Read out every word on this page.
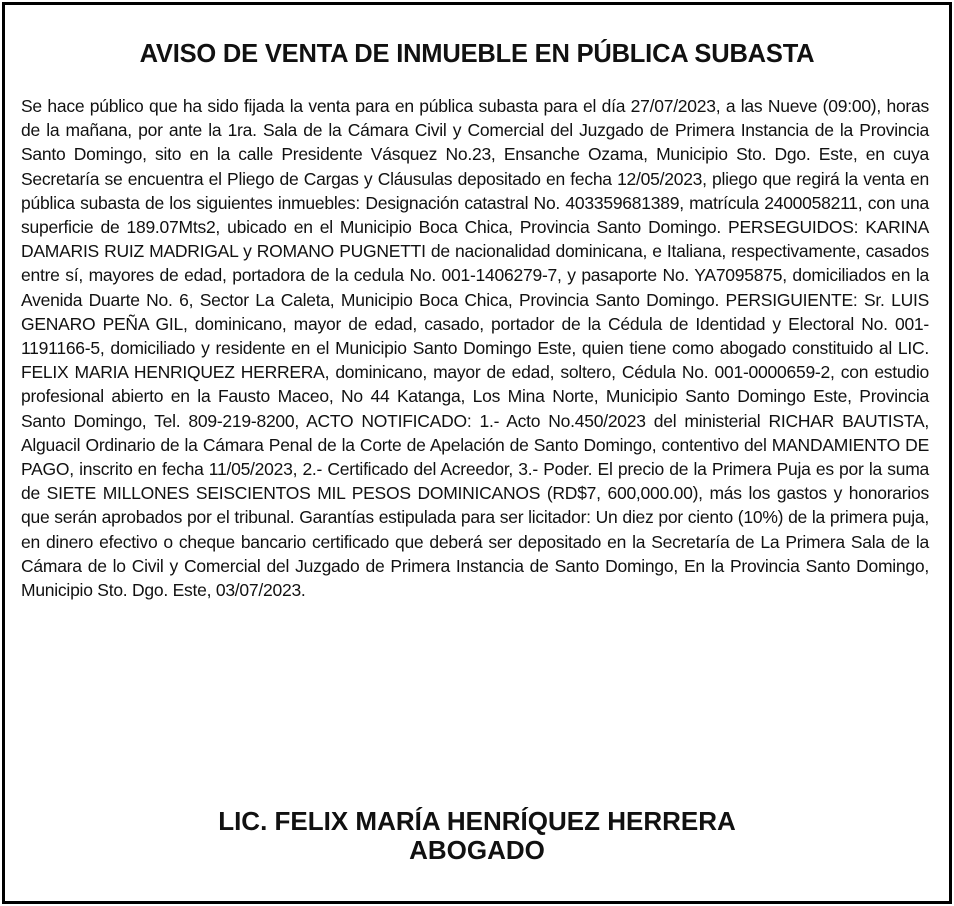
AVISO DE VENTA DE INMUEBLE EN PÚBLICA SUBASTA

Se hace público que ha sido fijada la venta para en pública subasta para el día 27/07/2023, a las Nueve (09:00), horas de la mañana, por ante la 1ra. Sala de la Cámara Civil y Comercial del Juzgado de Primera Instancia de la Provincia Santo Domingo, sito en la calle Presidente Vásquez No.23, Ensanche Ozama, Municipio Sto. Dgo. Este, en cuya Secretaría se encuentra el Pliego de Cargas y Cláusulas depositado en fecha 12/05/2023, pliego que regirá la venta en pública subasta de los siguientes inmuebles: Designación catastral No. 403359681389, matrícula 2400058211, con una superficie de 189.07Mts2, ubicado en el Municipio Boca Chica, Provincia Santo Domingo. PERSEGUIDOS: KARINA DAMARIS RUIZ MADRIGAL y ROMANO PUGNETTI de nacionalidad dominicana, e Italiana, respectivamente, casados entre sí, mayores de edad, portadora de la cedula No. 001-1406279-7, y pasaporte No. YA7095875, domiciliados en la Avenida Duarte No. 6, Sector La Caleta, Municipio Boca Chica, Provincia Santo Domingo. PERSIGUIENTE: Sr. LUIS GENARO PEÑA GIL, dominicano, mayor de edad, casado, portador de la Cédula de Identidad y Electoral No. 001-1191166-5, domiciliado y residente en el Municipio Santo Domingo Este, quien tiene como abogado constituido al LIC. FELIX MARIA HENRIQUEZ HERRERA, dominicano, mayor de edad, soltero, Cédula No. 001-0000659-2, con estudio profesional abierto en la Fausto Maceo, No 44 Katanga, Los Mina Norte, Municipio Santo Domingo Este, Provincia Santo Domingo, Tel. 809-219-8200, ACTO NOTIFICADO: 1.- Acto No.450/2023 del ministerial RICHAR BAUTISTA, Alguacil Ordinario de la Cámara Penal de la Corte de Apelación de Santo Domingo, contentivo del MANDAMIENTO DE PAGO, inscrito en fecha 11/05/2023, 2.- Certificado del Acreedor, 3.- Poder. El precio de la Primera Puja es por la suma de SIETE MILLONES SEISCIENTOS MIL PESOS DOMINICANOS (RD$7, 600,000.00), más los gastos y honorarios que serán aprobados por el tribunal. Garantías estipulada para ser licitador: Un diez por ciento (10%) de la primera puja, en dinero efectivo o cheque bancario certificado que deberá ser depositado en la Secretaría de La Primera Sala de la Cámara de lo Civil y Comercial del Juzgado de Primera Instancia de Santo Domingo, En la Provincia Santo Domingo, Municipio Sto. Dgo. Este, 03/07/2023.

LIC. FELIX MARÍA HENRÍQUEZ HERRERA
ABOGADO
